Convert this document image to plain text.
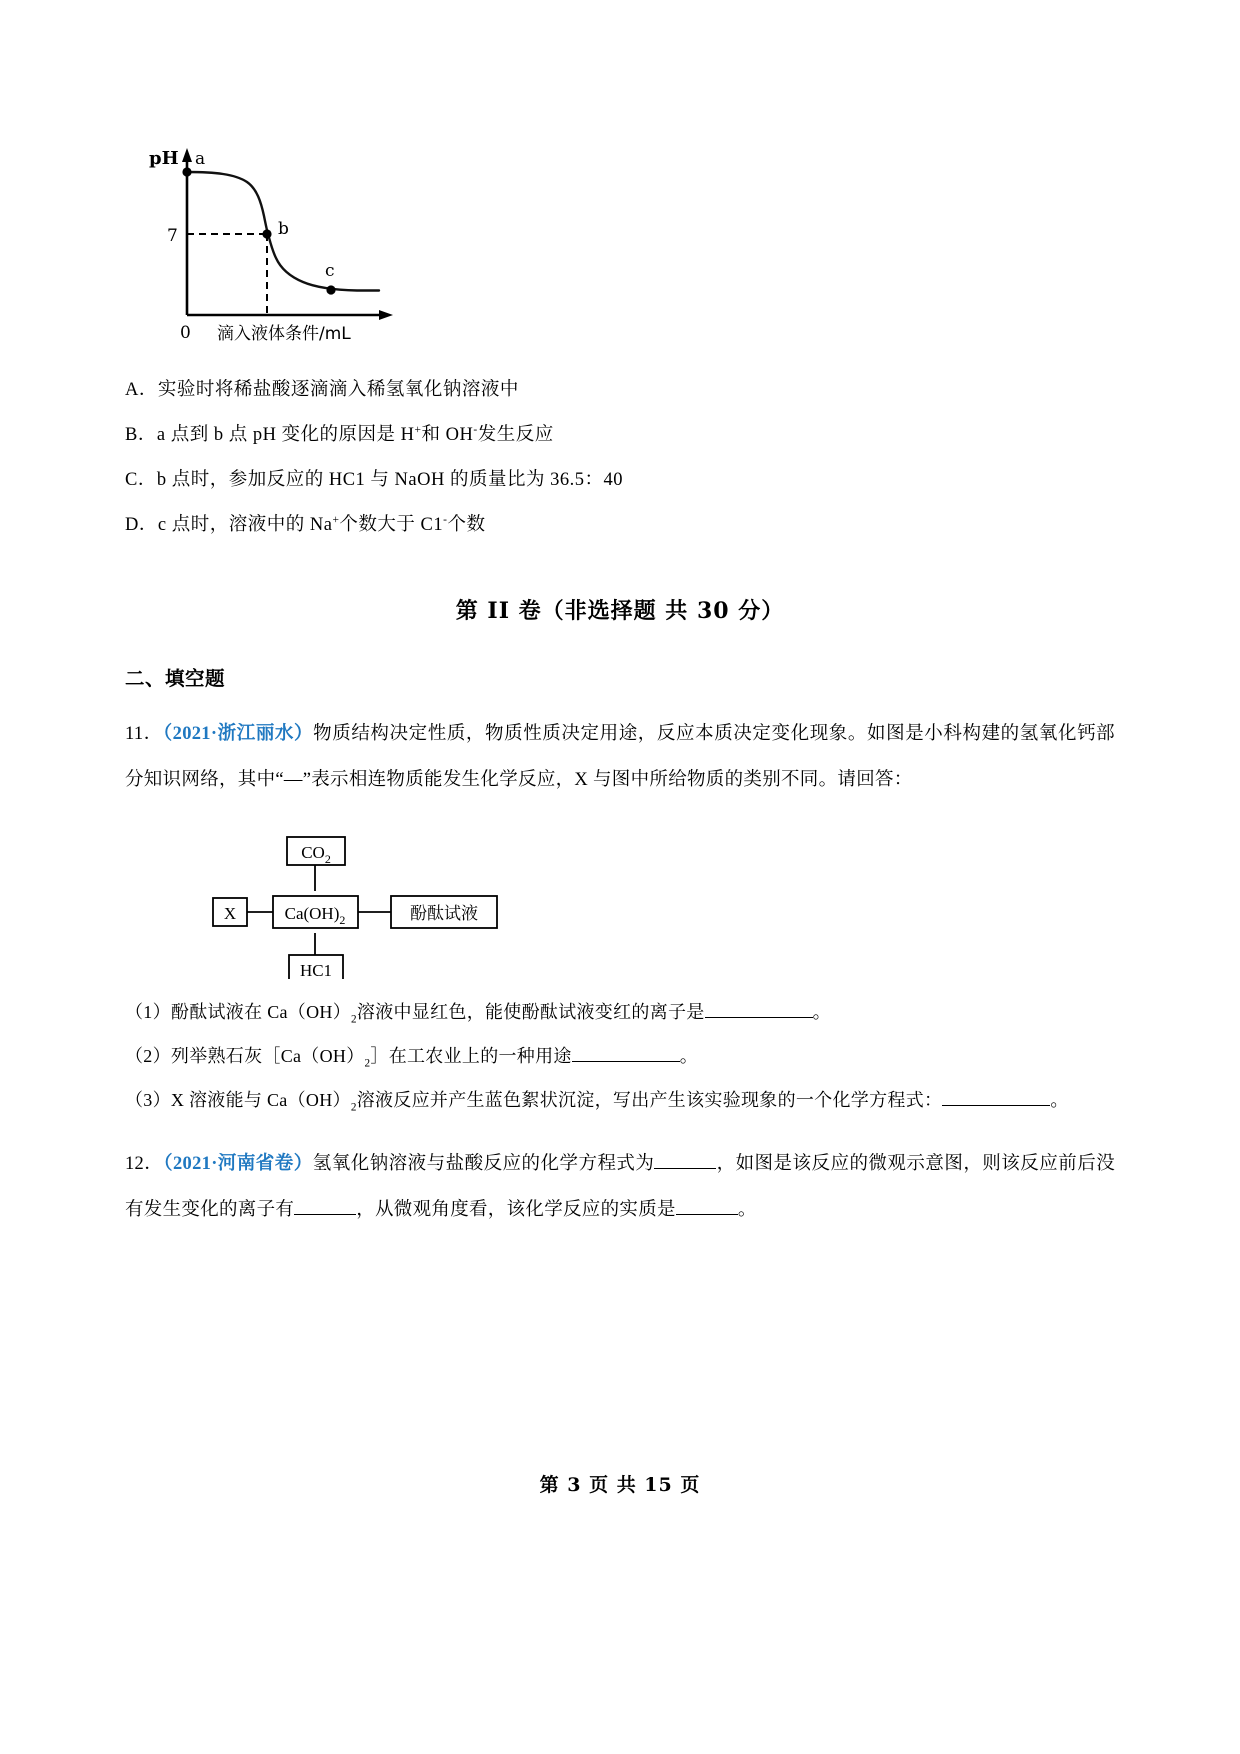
pH a
b
c
7
0 滴入液体条件/mL
A．实验时将稀盐酸逐滴滴入稀氢氧化钠溶液中
B．a 点到 b 点 pH 变化的原因是 H+和 OH-发生反应
C．b 点时，参加反应的 HC1 与 NaOH 的质量比为 36.5：40
D．c 点时，溶液中的 Na+个数大于 C1-个数
第 II 卷（非选择题 共 30 分）
二、填空题
11．（2021·浙江丽水）物质结构决定性质，物质性质决定用途，反应本质决定变化现象。如图是小科构建的氢氧化钙部分知识网络，其中“—”表示相连物质能发生化学反应，X 与图中所给物质的类别不同。请回答：
$CO_2$
X	$Ca(OH)_2$	酚酞试液
HC1
（1）酚酞试液在 $Ca(OH)_2$溶液中显红色，能使酚酞试液变红的离子是	。
（2）列举熟石灰$[Ca(OH)_2]$在工农业上的一种用途	。
（3）X 溶液能与 $Ca(OH)_2$溶液反应并产生蓝色絮状沉淀，写出产生该实验现象的一个化学方程式：	。
12．（2021·河南省卷）氢氧化钠溶液与盐酸反应的化学方程式为	，如图是该反应的微观示意图，则该反应前后没有发生变化的离子有	，从微观角度看，该化学反应的实质是	。
第 3 页 共 15 页
